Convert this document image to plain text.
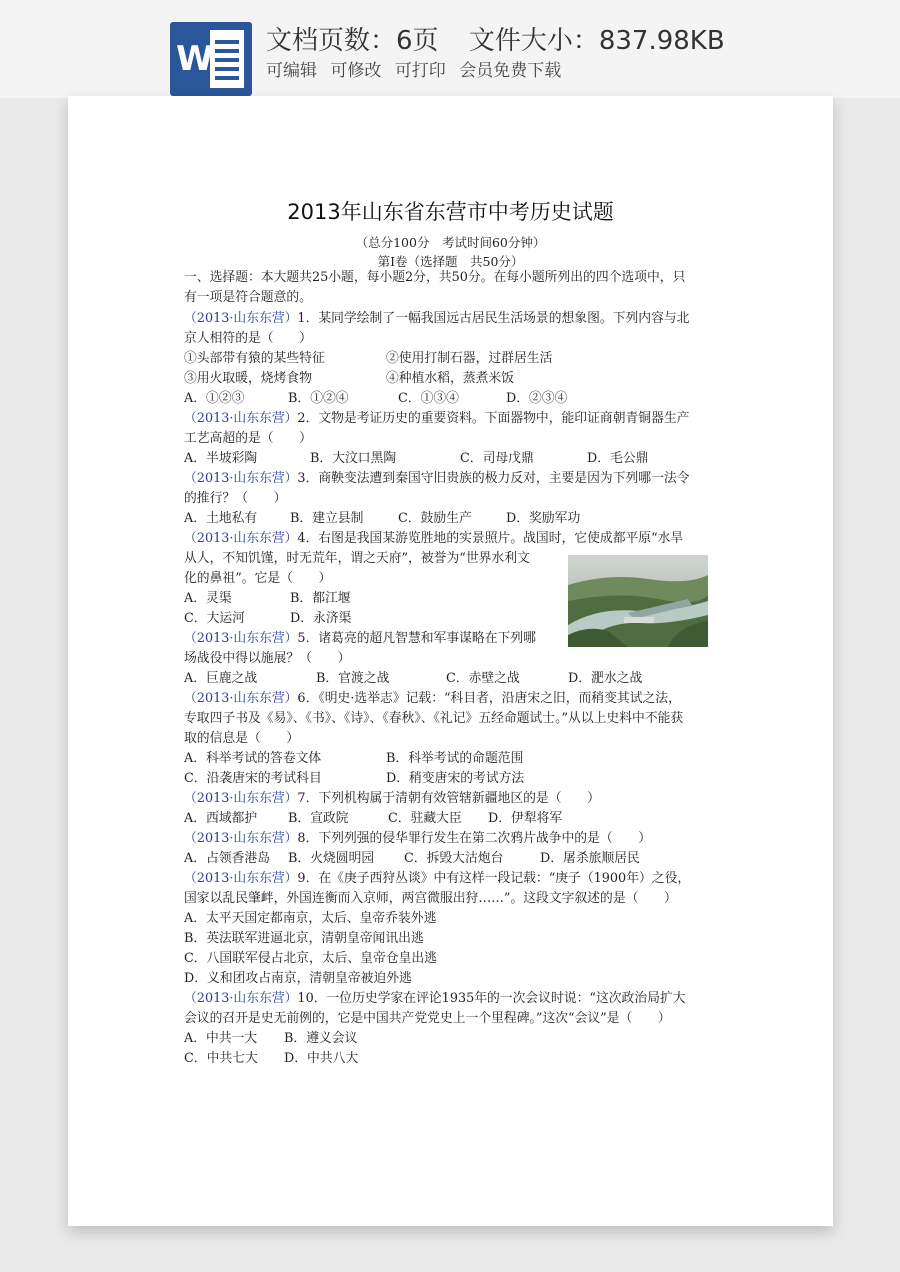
W 文档页数：6页 文件大小：837.98KB
可编辑 可修改 可打印 会员免费下载
2013年山东省东营市中考历史试题
（总分100分　考试时间60分钟）
第Ⅰ卷（选择题　共50分）
一、选择题：本大题共25小题，每小题2分，共50分。在每小题所列出的四个选项中，只
有一项是符合题意的。
（2013·山东东营）1．某同学绘制了一幅我国远古居民生活场景的想象图。下列内容与北
京人相符的是（　　）
①头部带有猿的某些特征	②使用打制石器，过群居生活
③用火取暖，烧烤食物	④种植水稻，蒸煮米饭
A．①②③	B．①②④	C．①③④	D．②③④
（2013·山东东营）2．文物是考证历史的重要资料。下面器物中，能印证商朝青铜器生产
工艺高超的是（　　）
A．半坡彩陶	B．大汶口黑陶	C．司母戊鼎	D．毛公鼎
（2013·山东东营）3．商鞅变法遭到秦国守旧贵族的极力反对，主要是因为下列哪一法令
的推行？（　　）
A．土地私有	B．建立县制	C．鼓励生产	D．奖励军功
（2013·山东东营）4．右图是我国某游览胜地的实景照片。战国时，它使成都平原“水旱
从人，不知饥馑，时无荒年，谓之天府”，被誉为“世界水利文
化的鼻祖”。它是（　　）
A．灵渠	B．都江堰
C．大运河	D．永济渠
（2013·山东东营）5．诸葛亮的超凡智慧和军事谋略在下列哪
场战役中得以施展？（　　）
A．巨鹿之战	B．官渡之战	C．赤壁之战	D．淝水之战
（2013·山东东营）6．《明史·选举志》记载：“科目者，沿唐宋之旧，而稍变其试之法，
专取四子书及《易》、《书》、《诗》、《春秋》、《礼记》五经命题试士。”从以上史料中不能获
取的信息是（　　）
A．科举考试的答卷文体	B．科举考试的命题范围
C．沿袭唐宋的考试科目	D．稍变唐宋的考试方法
（2013·山东东营）7．下列机构属于清朝有效管辖新疆地区的是（　　）
A．西域都护 B．宣政院	C．驻藏大臣 D．伊犁将军
（2013·山东东营）8．下列列强的侵华罪行发生在第二次鸦片战争中的是（　　）
A．占领香港岛 B．火烧圆明园 C．拆毁大沽炮台	D．屠杀旅顺居民
（2013·山东东营）9．在《庚子西狩丛谈》中有这样一段记载：“庚子（1900年）之役，
国家以乱民肇衅，外国连衡而入京师，两宫微服出狩……”。这段文字叙述的是（　　）
A．太平天国定都南京，太后、皇帝乔装外逃
B．英法联军进逼北京，清朝皇帝闻讯出逃
C．八国联军侵占北京，太后、皇帝仓皇出逃
D．义和团攻占南京，清朝皇帝被迫外逃
（2013·山东东营）10．一位历史学家在评论1935年的一次会议时说：“这次政治局扩大
会议的召开是史无前例的，它是中国共产党党史上一个里程碑。”这次“会议”是（　　）
A．中共一大 B．遵义会议
C．中共七大 D．中共八大
